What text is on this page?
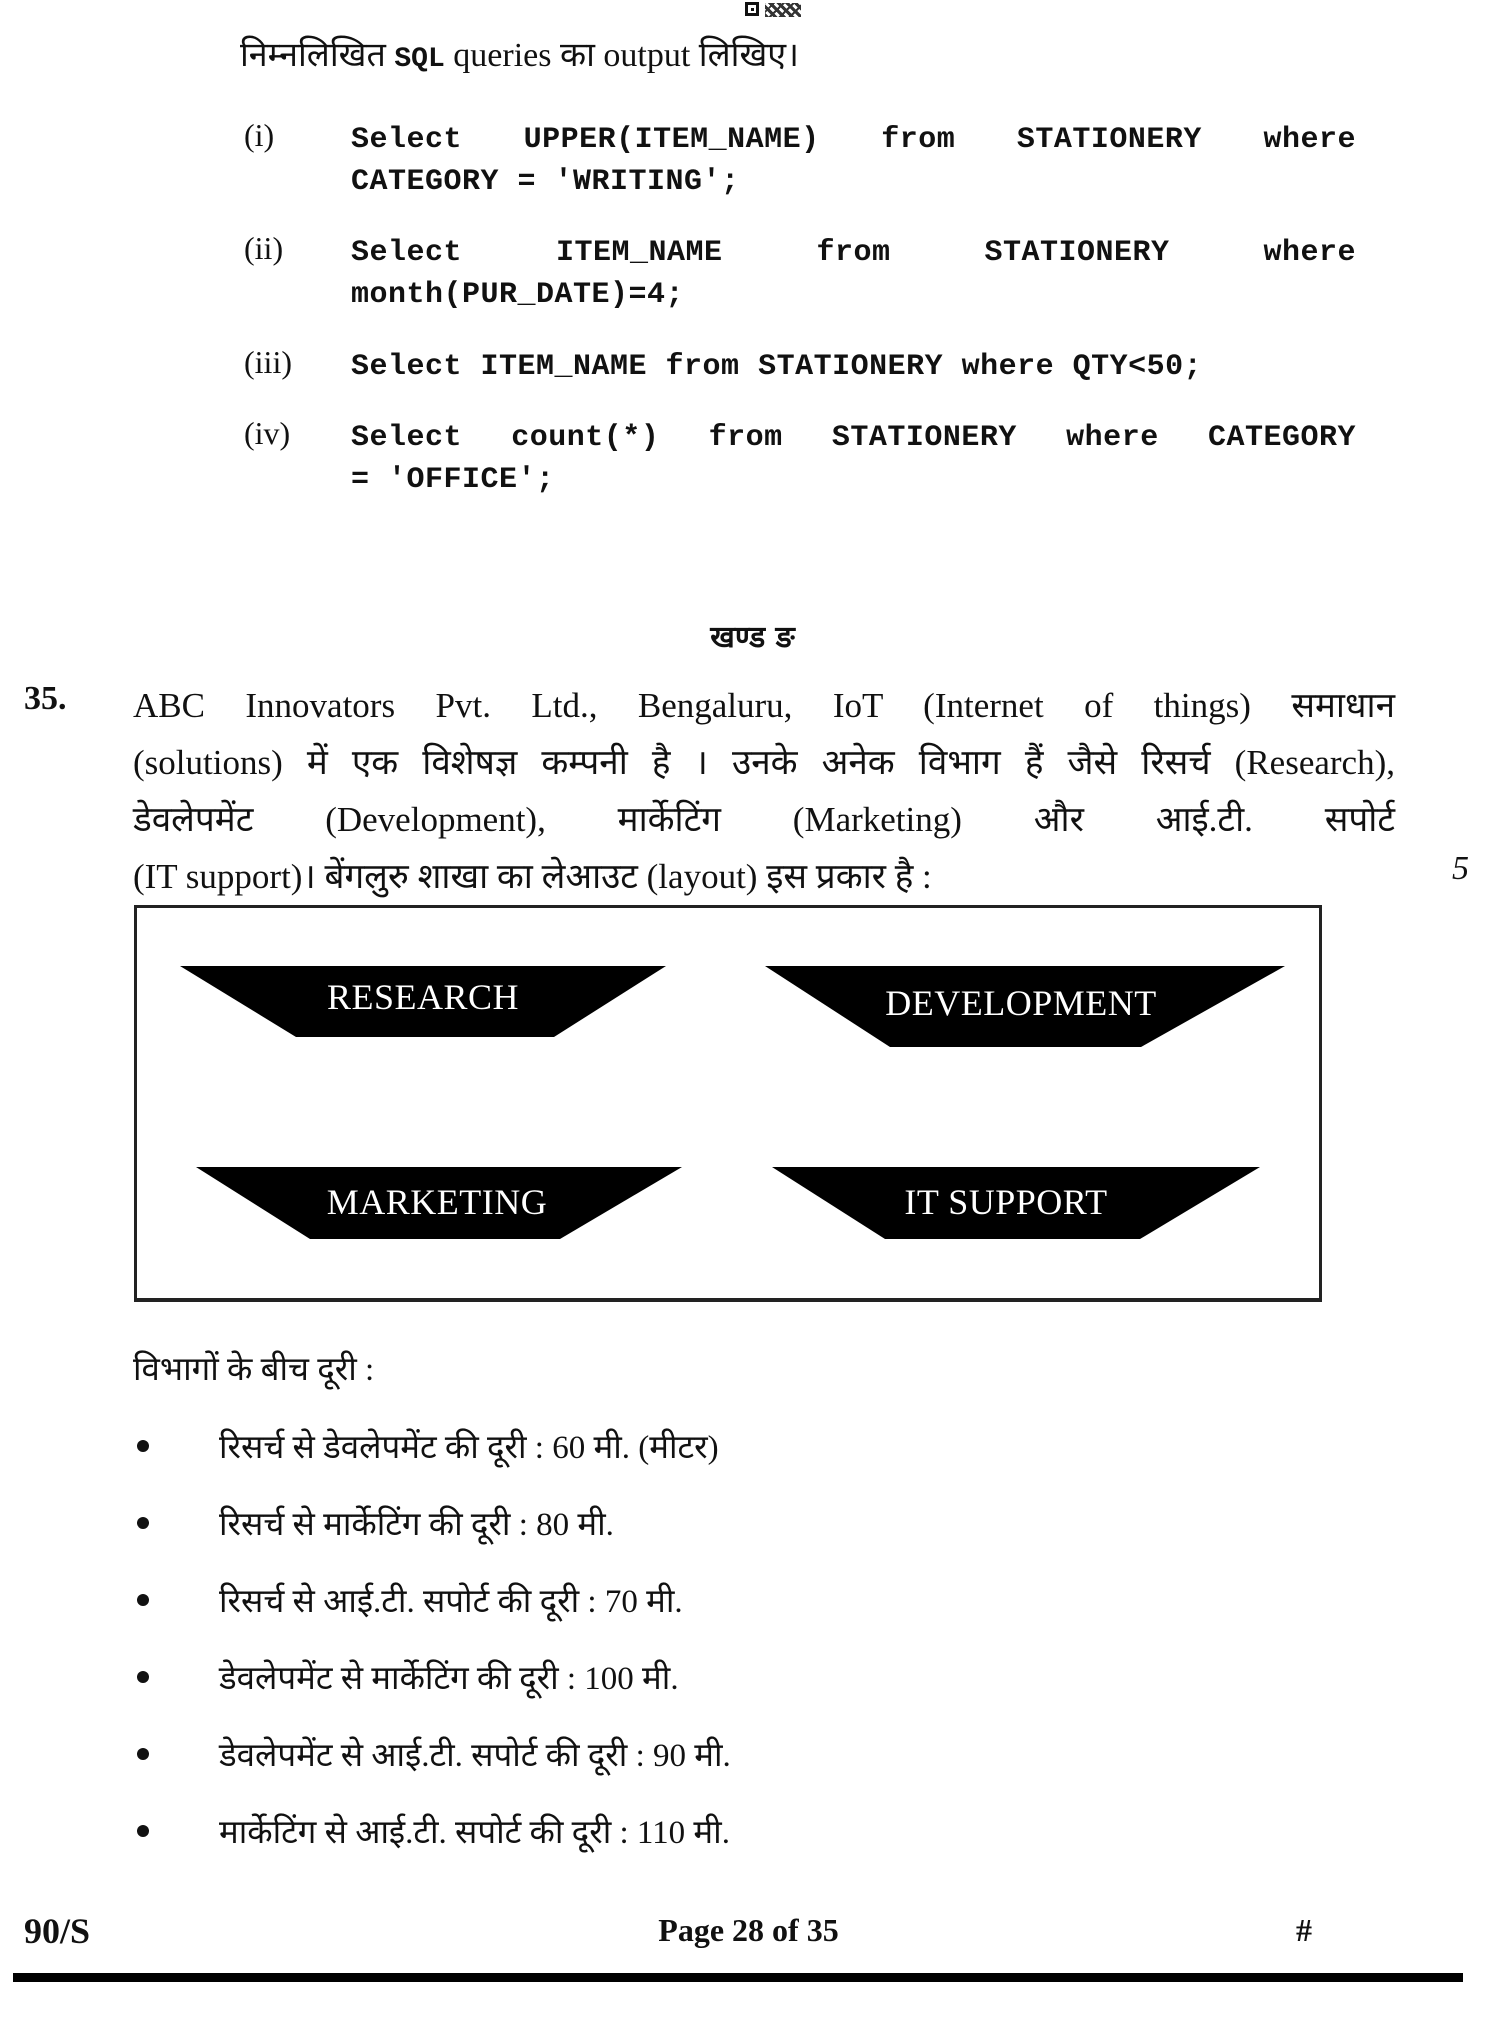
निम्नलिखित SQL queries का output लिखिए।
(i)	Select UPPER(ITEM_NAME) from STATIONERY where
CATEGORY = 'WRITING';
(ii) Select ITEM_NAME from STATIONERY where
month(PUR_DATE)=4;
(iii) Select ITEM_NAME from STATIONERY where QTY<50;
(iv) Select count(*) from STATIONERY where CATEGORY
= 'OFFICE';
खण्ड ङ
35. ABC Innovators Pvt. Ltd., Bengaluru, IoT (Internet of things) समाधान
(solutions) में एक विशेषज्ञ कम्पनी है । उनके अनेक विभाग हैं जैसे रिसर्च (Research),
डेवलेपमेंट (Development), मार्केटिंग (Marketing) और आई.टी. सपोर्ट
(IT support)। बेंगलुरु शाखा का लेआउट (layout) इस प्रकार है :	5
RESEARCH	DEVELOPMENT
MARKETING	IT SUPPORT
विभागों के बीच दूरी :
रिसर्च से डेवलेपमेंट की दूरी : 60 मी. (मीटर)
रिसर्च से मार्केटिंग की दूरी : 80 मी.
रिसर्च से आई.टी. सपोर्ट की दूरी : 70 मी.
डेवलेपमेंट से मार्केटिंग की दूरी : 100 मी.
डेवलेपमेंट से आई.टी. सपोर्ट की दूरी : 90 मी.
मार्केटिंग से आई.टी. सपोर्ट की दूरी : 110 मी.
90/S	Page 28 of 35	#
